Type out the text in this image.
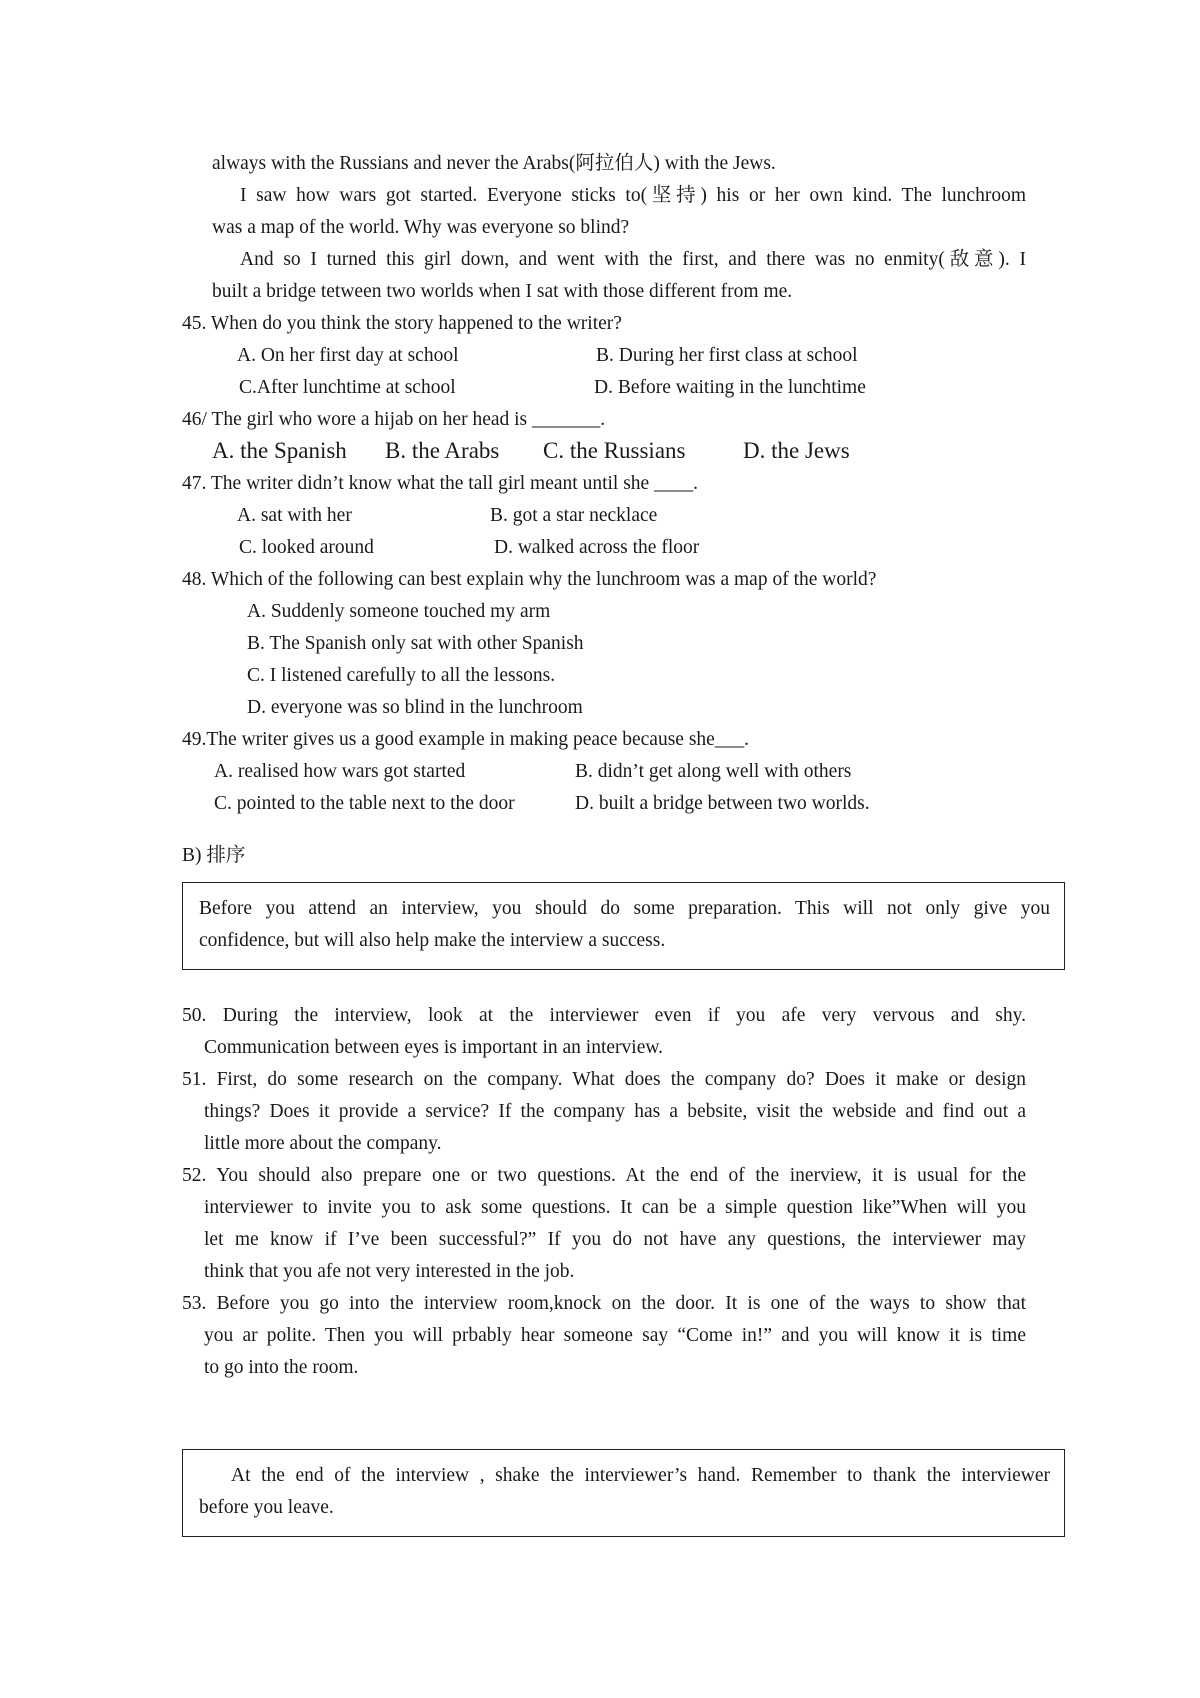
always with the Russians and never the Arabs(阿拉伯人) with the Jews.
I saw how wars got started. Everyone sticks to(坚持) his or her own kind. The lunchroom
was a map of the world. Why was everyone so blind?
And so I turned this girl down, and went with the first, and there was no enmity(敌意). I
built a bridge tetween two worlds when I sat with those different from me.
45. When do you think the story happened to the writer?
A. On her first day at school	B. During her first class at school
C.After lunchtime at school	D. Before waiting in the lunchtime
46/ The girl who wore a hijab on her head is _______.
A. the Spanish B. the Arabs C. the Russians	D. the Jews
47. The writer didn’t know what the tall girl meant until she ____.
A. sat with her	B. got a star necklace
C. looked around	D. walked across the floor
48. Which of the following can best explain why the lunchroom was a map of the world?
A. Suddenly someone touched my arm
B. The Spanish only sat with other Spanish
C. I listened carefully to all the lessons.
D. everyone was so blind in the lunchroom
49.The writer gives us a good example in making peace because she___.
A. realised how wars got started	B. didn’t get along well with others
C. pointed to the table next to the door	D. built a bridge between two worlds.
B) 排序
Before you attend an interview, you should do some preparation. This will not only give you
confidence, but will also help make the interview a success.
50. During the interview, look at the interviewer even if you afe very vervous and shy.
Communication between eyes is important in an interview.
51. First, do some research on the company. What does the company do? Does it make or design
things? Does it provide a service? If the company has a bebsite, visit the webside and find out a
little more about the company.
52. You should also prepare one or two questions. At the end of the inerview, it is usual for the
interviewer to invite you to ask some questions. It can be a simple question like”When will you
let me know if I’ve been successful?” If you do not have any questions, the interviewer may
think that you afe not very interested in the job.
53. Before you go into the interview room,knock on the door. It is one of the ways to show that
you ar polite. Then you will prbably hear someone say “Come in!” and you will know it is time
to go into the room.
At the end of the interview , shake the interviewer’s hand. Remember to thank the interviewer
before you leave.
